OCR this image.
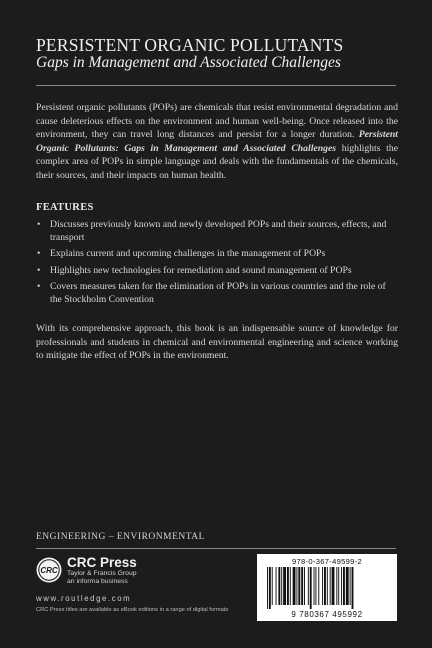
PERSISTENT ORGANIC POLLUTANTS
Gaps in Management and Associated Challenges

Persistent organic pollutants (POPs) are chemicals that resist environmental degradation and cause deleterious effects on the environment and human well-being. Once released into the environment, they can travel long distances and persist for a longer duration. Persistent Organic Pollutants: Gaps in Management and Associated Challenges highlights the complex area of POPs in simple language and deals with the fundamentals of the chemicals, their sources, and their impacts on human health.

FEATURES
• Discusses previously known and newly developed POPs and their sources, effects, and transport
• Explains current and upcoming challenges in the management of POPs
• Highlights new technologies for remediation and sound management of POPs
• Covers measures taken for the elimination of POPs in various countries and the role of the Stockholm Convention

With its comprehensive approach, this book is an indispensable source of knowledge for professionals and students in chemical and environmental engineering and science working to mitigate the effect of POPs in the environment.

ENGINEERING – ENVIRONMENTAL
CRC
CRC Press
Taylor & Francis Group
an informa business
www.routledge.com
CRC Press titles are available as eBook editions in a range of digital formats
978-0-367-49599-2
9 780367 495992
